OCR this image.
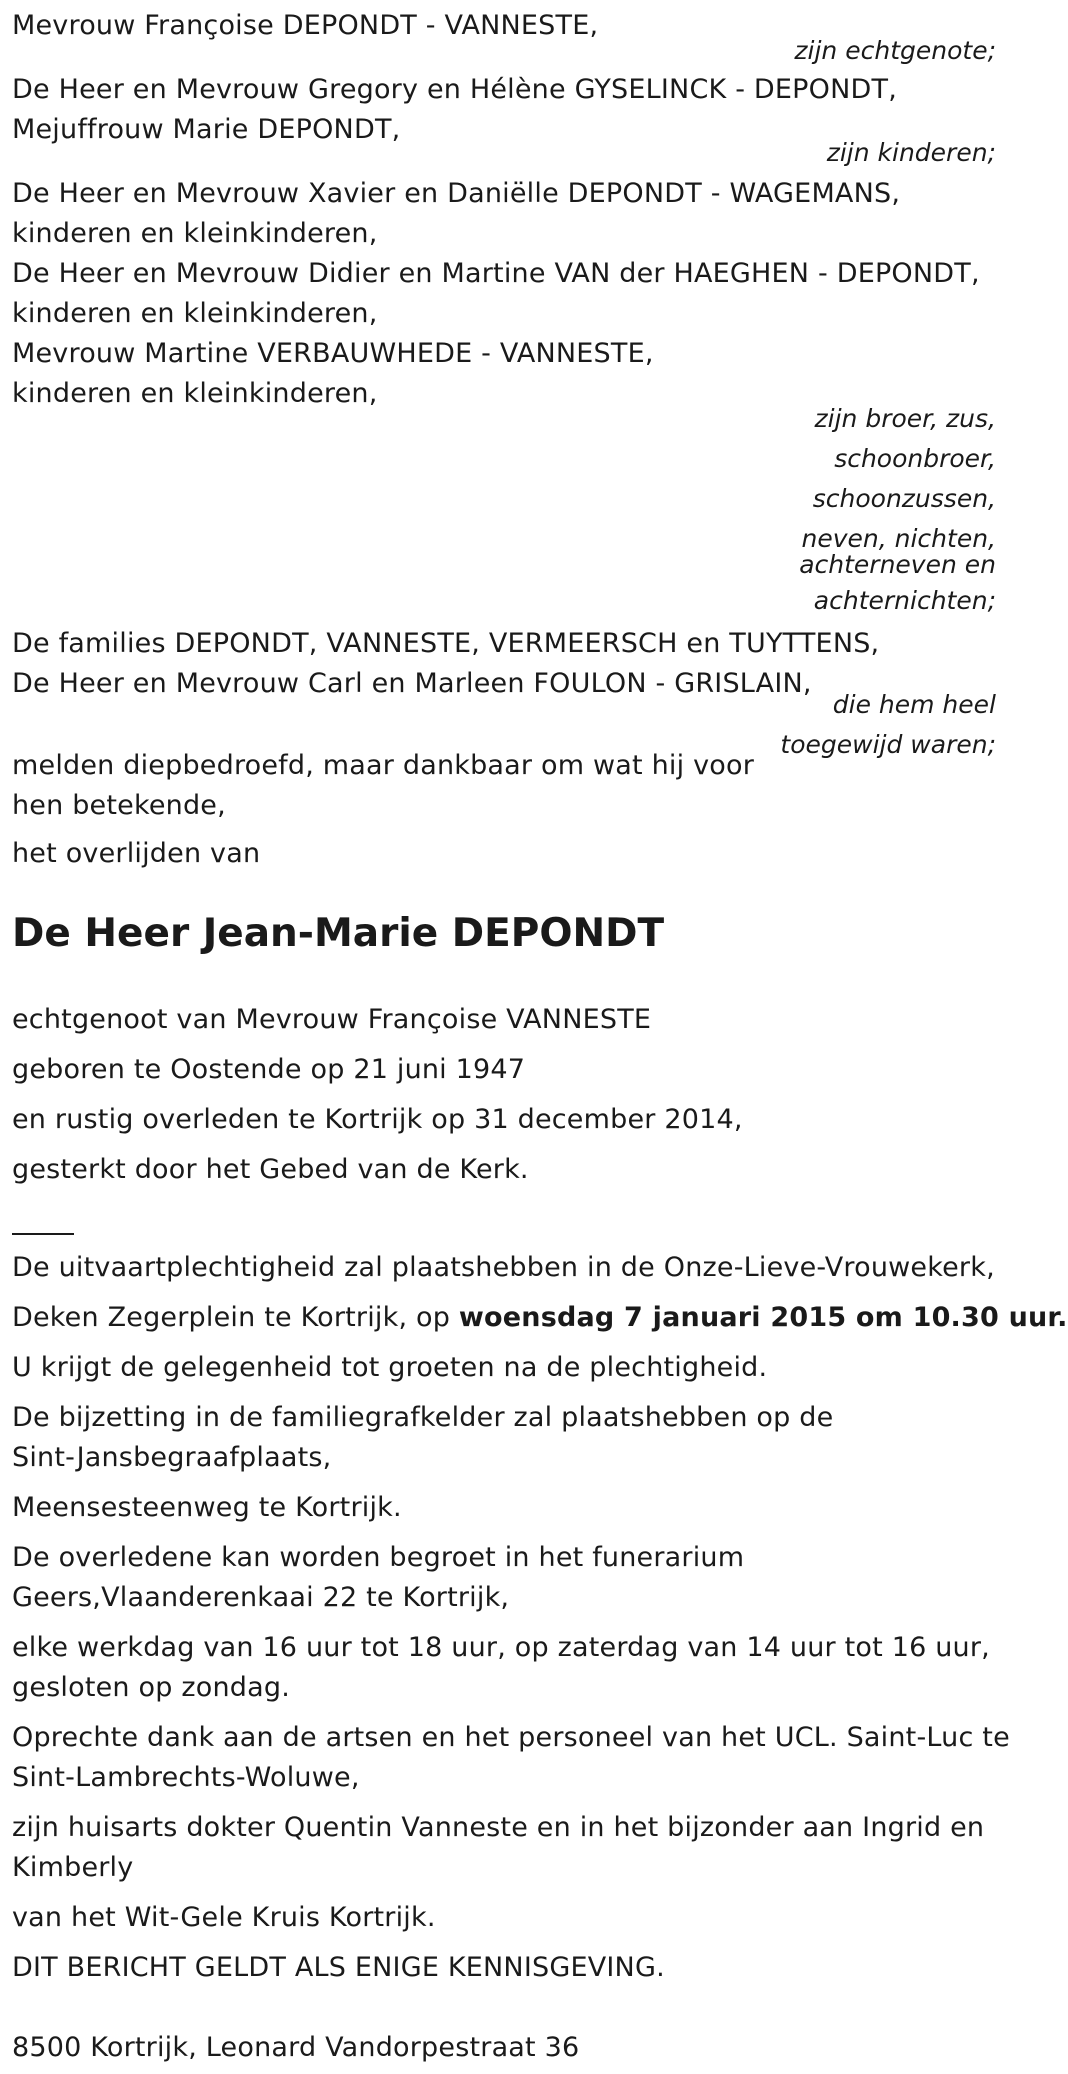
Mevrouw Françoise DEPONDT - VANNESTE,
zijn echtgenote;
De Heer en Mevrouw Gregory en Hélène GYSELINCK - DEPONDT,
Mejuffrouw Marie DEPONDT,
zijn kinderen;
De Heer en Mevrouw Xavier en Daniëlle DEPONDT - WAGEMANS,
kinderen en kleinkinderen,
De Heer en Mevrouw Didier en Martine VAN der HAEGHEN - DEPONDT,
kinderen en kleinkinderen,
Mevrouw Martine VERBAUWHEDE - VANNESTE,
kinderen en kleinkinderen,
zijn broer, zus,
schoonbroer,
schoonzussen,
neven, nichten,
achterneven en
achternichten;
De families DEPONDT, VANNESTE, VERMEERSCH en TUYTTENS,
De Heer en Mevrouw Carl en Marleen FOULON - GRISLAIN,
die hem heel
toegewijd waren;
melden diepbedroefd, maar dankbaar om wat hij voor
hen betekende,
het overlijden van
De Heer Jean-Marie DEPONDT
echtgenoot van Mevrouw Françoise VANNESTE
geboren te Oostende op 21 juni 1947
en rustig overleden te Kortrijk op 31 december 2014,
gesterkt door het Gebed van de Kerk.
De uitvaartplechtigheid zal plaatshebben in de Onze-Lieve-Vrouwekerk,
Deken Zegerplein te Kortrijk, op woensdag 7 januari 2015 om 10.30 uur.
U krijgt de gelegenheid tot groeten na de plechtigheid.
De bijzetting in de familiegrafkelder zal plaatshebben op de
Sint-Jansbegraafplaats,
Meensesteenweg te Kortrijk.
De overledene kan worden begroet in het funerarium
Geers,Vlaanderenkaai 22 te Kortrijk,
elke werkdag van 16 uur tot 18 uur, op zaterdag van 14 uur tot 16 uur,
gesloten op zondag.
Oprechte dank aan de artsen en het personeel van het UCL. Saint-Luc te
Sint-Lambrechts-Woluwe,
zijn huisarts dokter Quentin Vanneste en in het bijzonder aan Ingrid en
Kimberly
van het Wit-Gele Kruis Kortrijk.
DIT BERICHT GELDT ALS ENIGE KENNISGEVING.
8500 Kortrijk, Leonard Vandorpestraat 36
